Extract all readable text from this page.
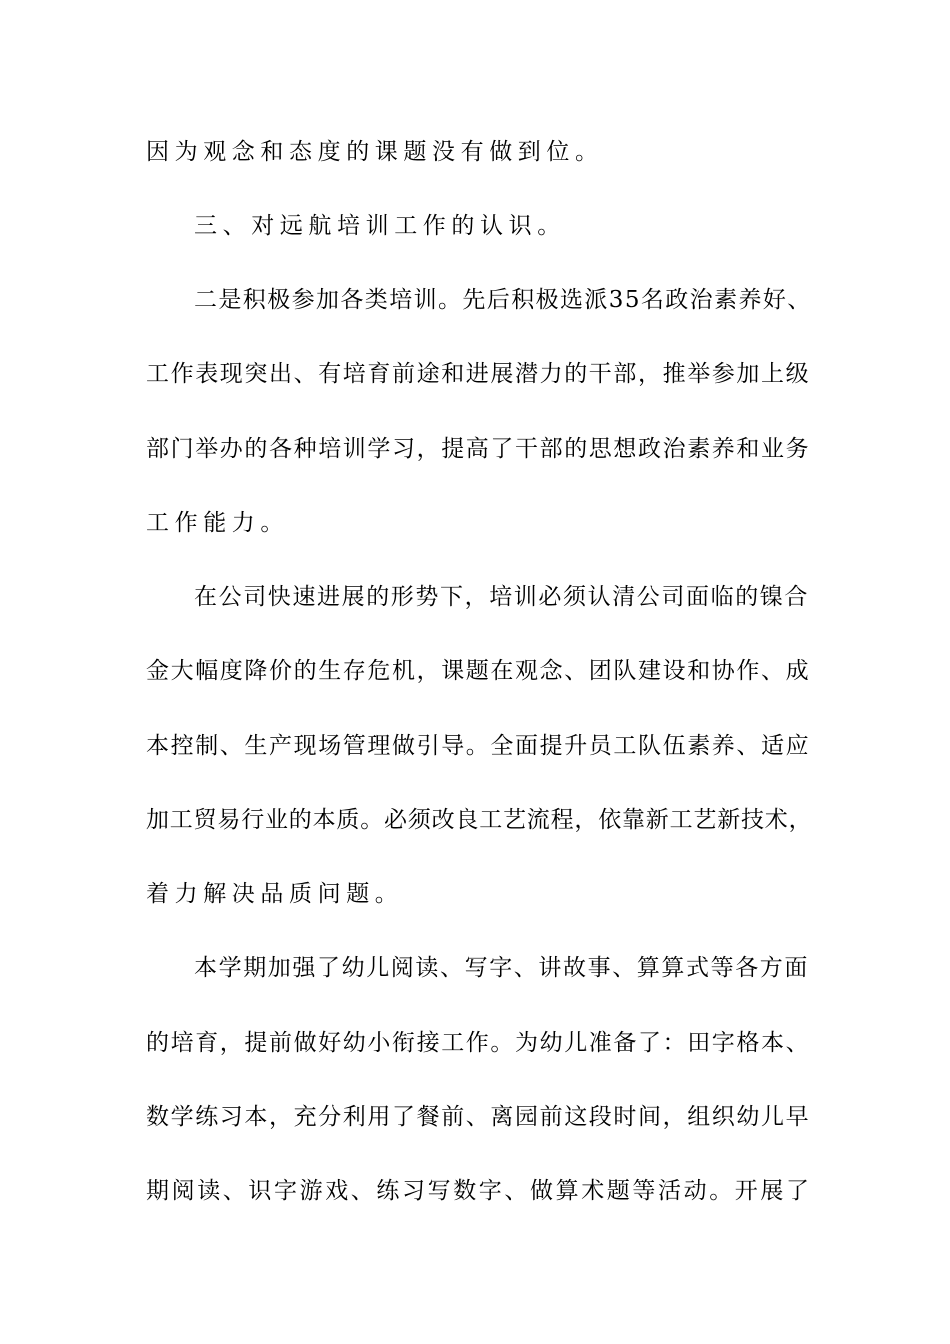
因为观念和态度的课题没有做到位。
三、对远航培训工作的认识。
二是积极参加各类培训。先后积极选派35名政治素养好、
工作表现突出、有培育前途和进展潜力的干部，推举参加上级
部门举办的各种培训学习，提高了干部的思想政治素养和业务
工作能力。
在公司快速进展的形势下，培训必须认清公司面临的镍合
金大幅度降价的生存危机，课题在观念、团队建设和协作、成
本控制、生产现场管理做引导。全面提升员工队伍素养、适应
加工贸易行业的本质。必须改良工艺流程，依靠新工艺新技术，
着力解决品质问题。
本学期加强了幼儿阅读、写字、讲故事、算算式等各方面
的培育，提前做好幼小衔接工作。为幼儿准备了：田字格本、
数学练习本，充分利用了餐前、离园前这段时间，组织幼儿早
期阅读、识字游戏、练习写数字、做算术题等活动。开展了
